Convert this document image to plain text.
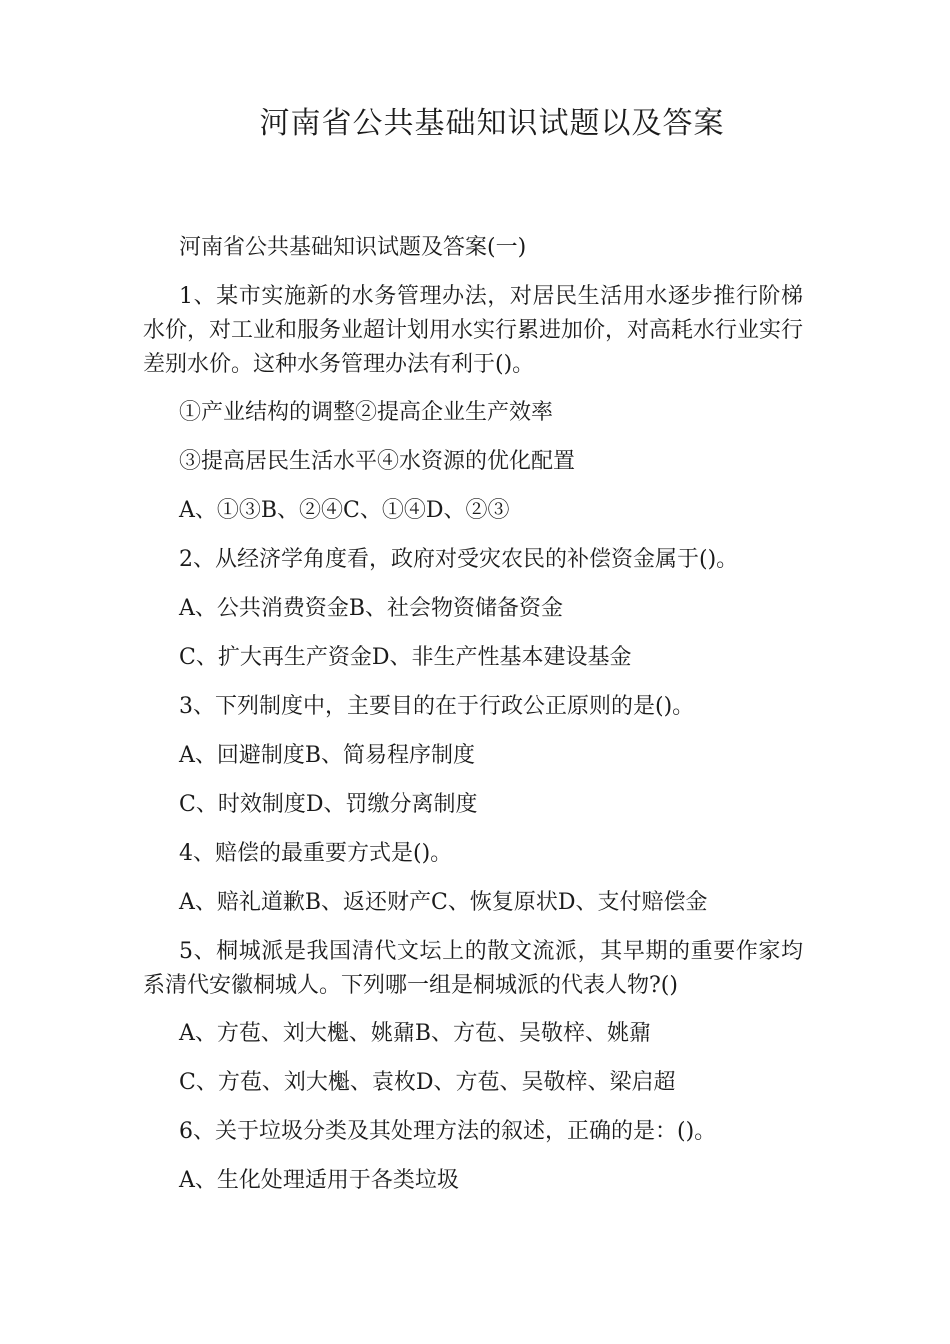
河南省公共基础知识试题以及答案

河南省公共基础知识试题及答案(一)

1、某市实施新的水务管理办法，对居民生活用水逐步推行阶梯水价，对工业和服务业超计划用水实行累进加价，对高耗水行业实行差别水价。这种水务管理办法有利于()。

①产业结构的调整②提高企业生产效率

③提高居民生活水平④水资源的优化配置

A、①③B、②④C、①④D、②③

2、从经济学角度看，政府对受灾农民的补偿资金属于()。

A、公共消费资金B、社会物资储备资金

C、扩大再生产资金D、非生产性基本建设基金

3、下列制度中，主要目的在于行政公正原则的是()。

A、回避制度B、简易程序制度

C、时效制度D、罚缴分离制度

4、赔偿的最重要方式是()。

A、赔礼道歉B、返还财产C、恢复原状D、支付赔偿金

5、桐城派是我国清代文坛上的散文流派，其早期的重要作家均系清代安徽桐城人。下列哪一组是桐城派的代表人物?()

A、方苞、刘大櫆、姚鼐B、方苞、吴敬梓、姚鼐

C、方苞、刘大櫆、袁枚D、方苞、吴敬梓、梁启超

6、关于垃圾分类及其处理方法的叙述，正确的是：()。

A、生化处理适用于各类垃圾
